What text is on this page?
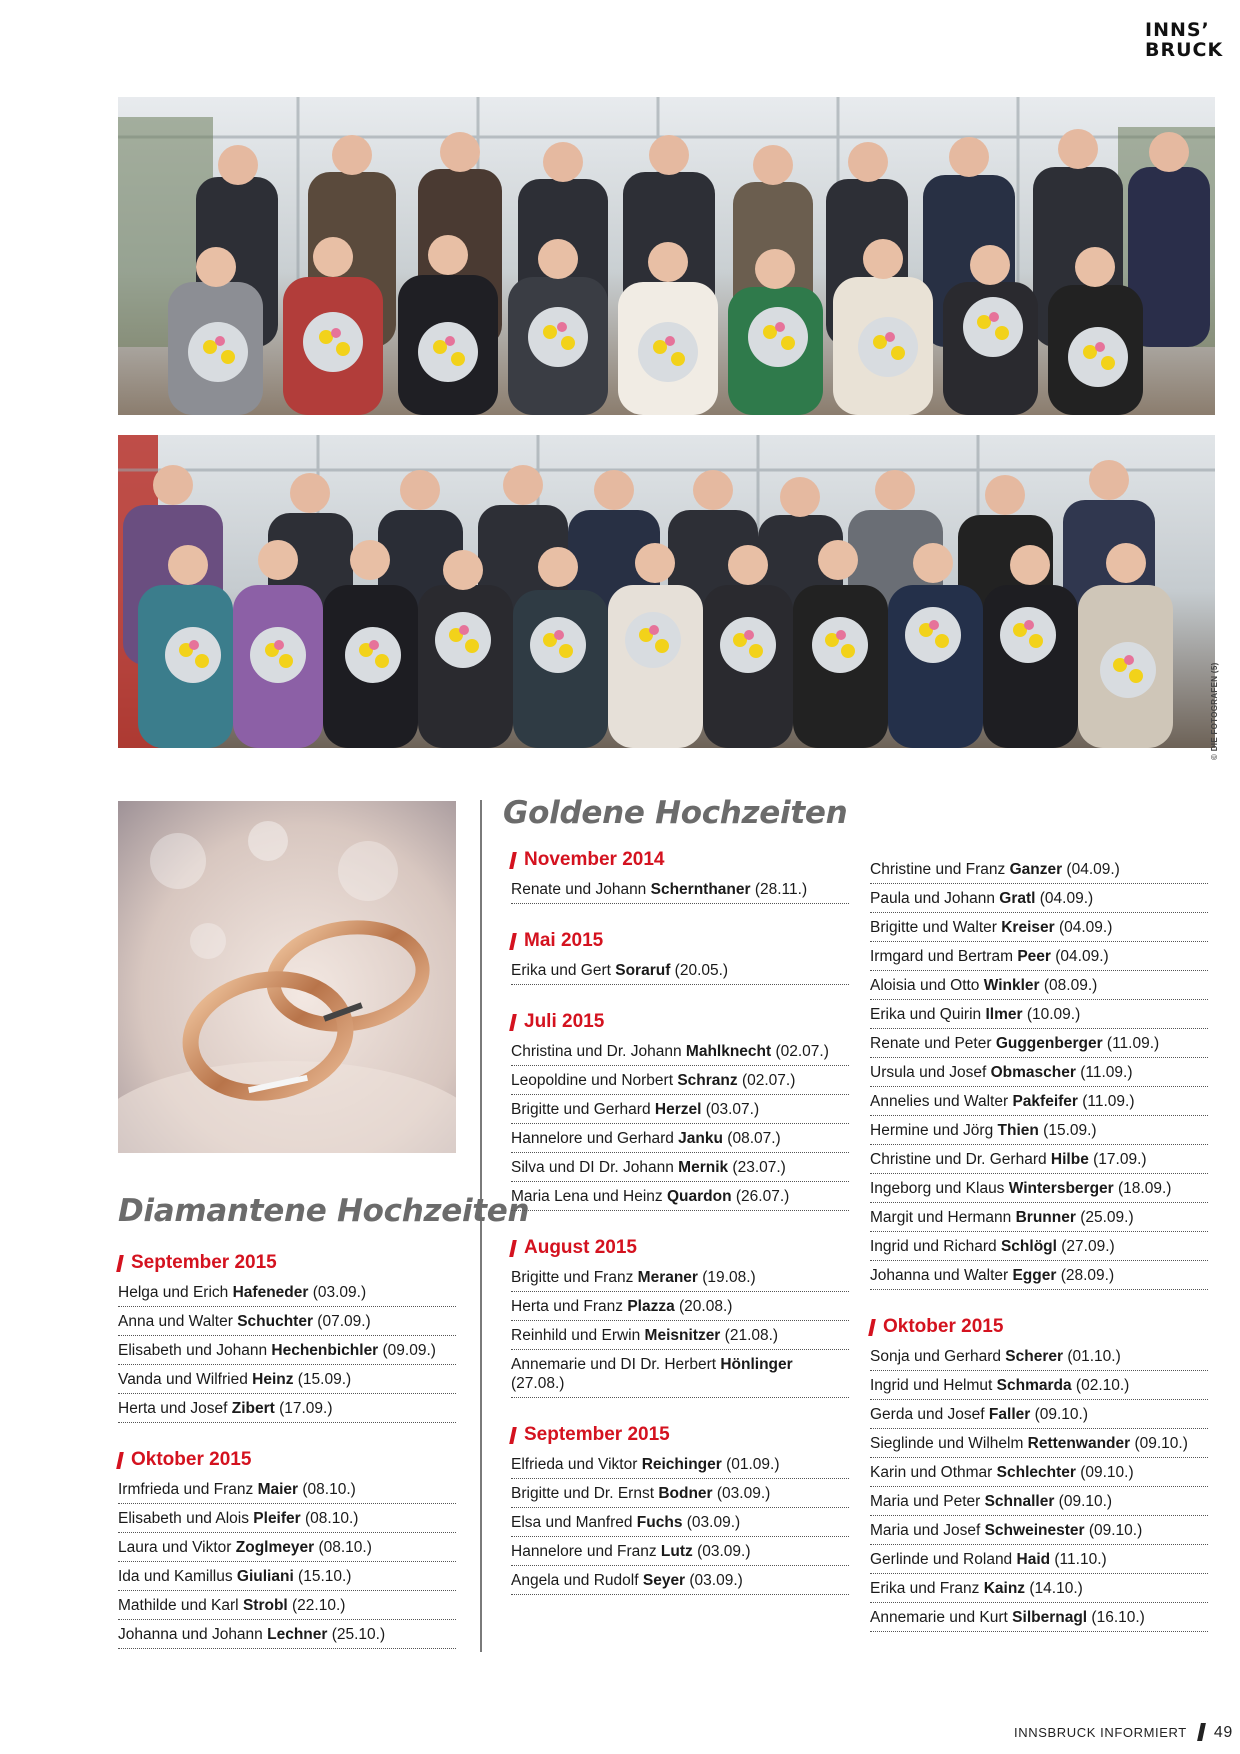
INNS’
BRUCK
© DIE FOTOGRAFEN (5)
Goldene Hochzeiten
Diamantene Hochzeiten
September 2015
Helga und Erich Hafeneder (03.09.)
Anna und Walter Schuchter (07.09.)
Elisabeth und Johann Hechenbichler (09.09.)
Vanda und Wilfried Heinz (15.09.)
Herta und Josef Zibert (17.09.)
Oktober 2015
Irmfrieda und Franz Maier (08.10.)
Elisabeth und Alois Pleifer (08.10.)
Laura und Viktor Zoglmeyer (08.10.)
Ida und Kamillus Giuliani (15.10.)
Mathilde und Karl Strobl (22.10.)
Johanna und Johann Lechner (25.10.)
November 2014
Renate und Johann Schernthaner (28.11.)
Mai 2015
Erika und Gert Soraruf (20.05.)
Juli 2015
Christina und Dr. Johann Mahlknecht (02.07.)
Leopoldine und Norbert Schranz (02.07.)
Brigitte und Gerhard Herzel (03.07.)
Hannelore und Gerhard Janku (08.07.)
Silva und DI Dr. Johann Mernik (23.07.)
Maria Lena und Heinz Quardon (26.07.)
August 2015
Brigitte und Franz Meraner (19.08.)
Herta und Franz Plazza (20.08.)
Reinhild und Erwin Meisnitzer (21.08.)
Annemarie und DI Dr. Herbert Hönlinger (27.08.)
September 2015
Elfrieda und Viktor Reichinger (01.09.)
Brigitte und Dr. Ernst Bodner (03.09.)
Elsa und Manfred Fuchs (03.09.)
Hannelore und Franz Lutz (03.09.)
Angela und Rudolf Seyer (03.09.)
Christine und Franz Ganzer (04.09.)
Paula und Johann Gratl (04.09.)
Brigitte und Walter Kreiser (04.09.)
Irmgard und Bertram Peer (04.09.)
Aloisia und Otto Winkler (08.09.)
Erika und Quirin Ilmer (10.09.)
Renate und Peter Guggenberger (11.09.)
Ursula und Josef Obmascher (11.09.)
Annelies und Walter Pakfeifer (11.09.)
Hermine und Jörg Thien (15.09.)
Christine und Dr. Gerhard Hilbe (17.09.)
Ingeborg und Klaus Wintersberger (18.09.)
Margit und Hermann Brunner (25.09.)
Ingrid und Richard Schlögl (27.09.)
Johanna und Walter Egger (28.09.)
Oktober 2015
Sonja und Gerhard Scherer (01.10.)
Ingrid und Helmut Schmarda (02.10.)
Gerda und Josef Faller (09.10.)
Sieglinde und Wilhelm Rettenwander (09.10.)
Karin und Othmar Schlechter (09.10.)
Maria und Peter Schnaller (09.10.)
Maria und Josef Schweinester (09.10.)
Gerlinde und Roland Haid (11.10.)
Erika und Franz Kainz (14.10.)
Annemarie und Kurt Silbernagl (16.10.)
INNSBRUCK INFORMIERT 49
